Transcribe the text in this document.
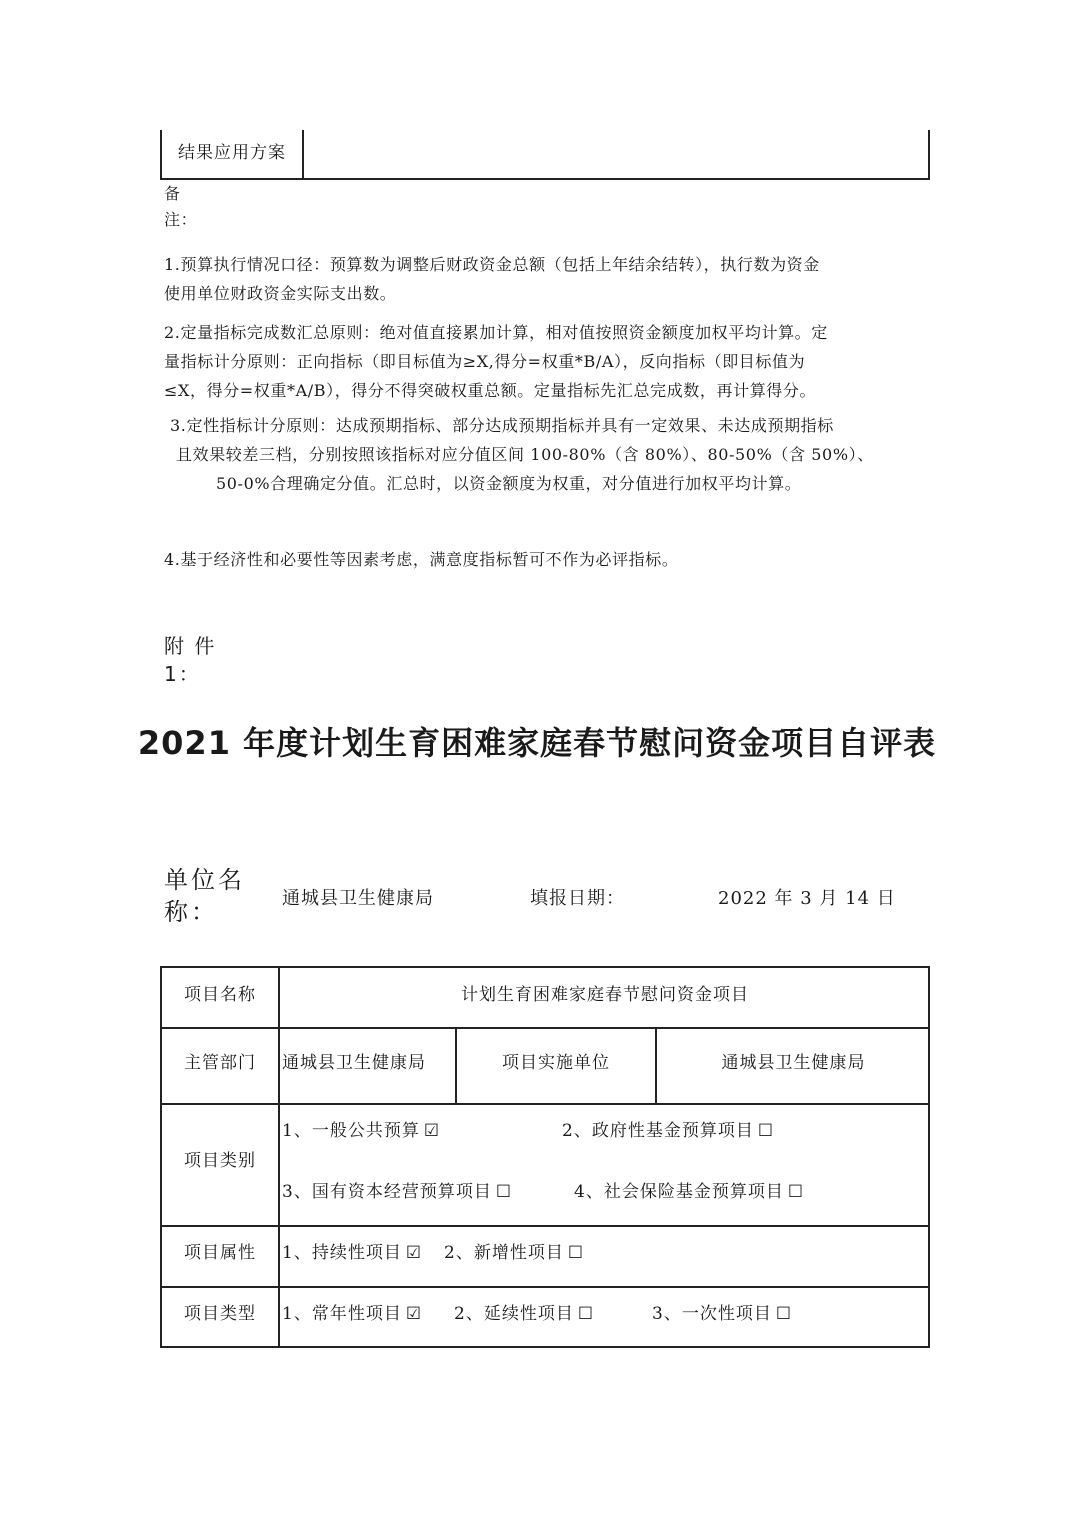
结果应用方案
备
注：
1.预算执行情况口径：预算数为调整后财政资金总额（包括上年结余结转），执行数为资金
使用单位财政资金实际支出数。
2.定量指标完成数汇总原则：绝对值直接累加计算，相对值按照资金额度加权平均计算。定
量指标计分原则：正向指标（即目标值为≥X,得分=权重*B/A），反向指标（即目标值为
≤X，得分=权重*A/B），得分不得突破权重总额。定量指标先汇总完成数，再计算得分。
3.定性指标计分原则：达成预期指标、部分达成预期指标并具有一定效果、未达成预期指标
且效果较差三档，分别按照该指标对应分值区间 100-80%（含 80%）、80-50%（含 50%）、
50-0%合理确定分值。汇总时，以资金额度为权重，对分值进行加权平均计算。
4.基于经济性和必要性等因素考虑，满意度指标暂可不作为必评指标。
附 件
1：
2021 年度计划生育困难家庭春节慰问资金项目自评表
单位名
称：	通城县卫生健康局	填报日期：	2022 年 3 月 14 日
项目名称	计划生育困难家庭春节慰问资金项目
主管部门 通城县卫生健康局	项目实施单位	通城县卫生健康局
项目类别
1、一般公共预算 ☑	2、政府性基金预算项目 ☐
3、国有资本经营预算项目 ☐	4、社会保险基金预算项目 ☐
项目属性 1、持续性项目 ☑ 2、新增性项目 ☐
项目类型 1、常年性项目 ☑ 2、延续性项目 ☐	3、一次性项目 ☐
